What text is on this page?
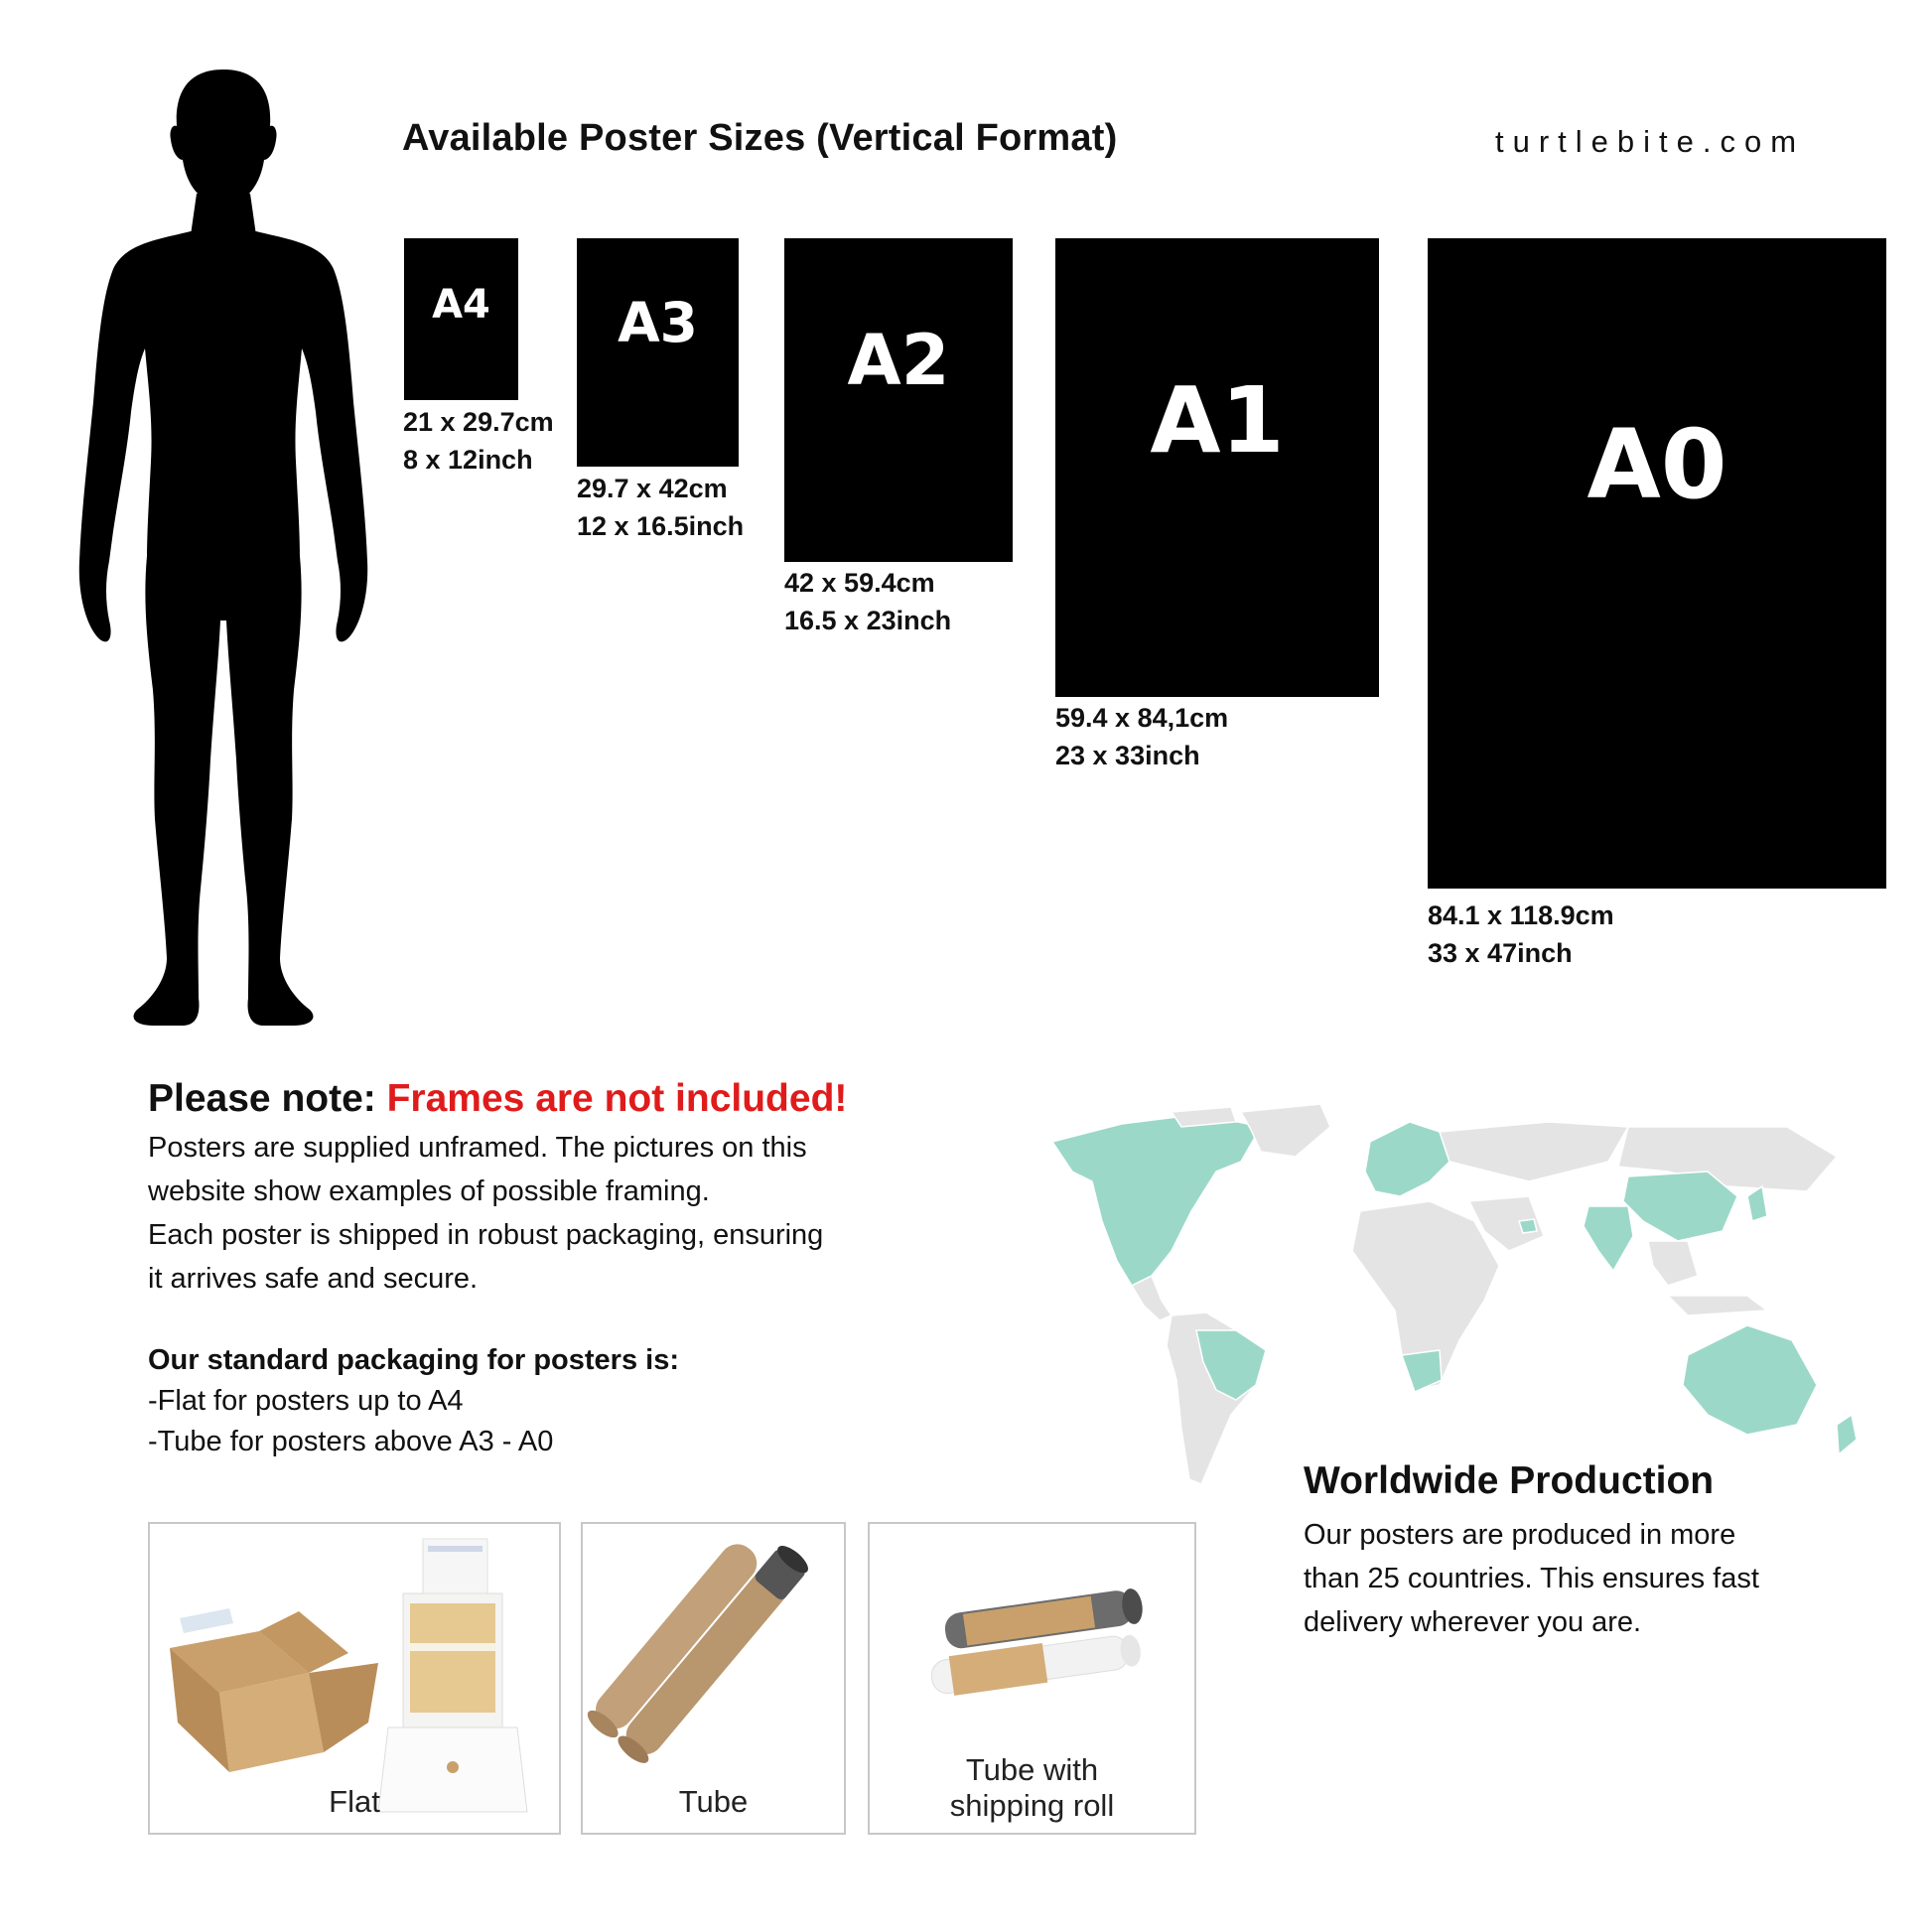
Available Poster Sizes (Vertical Format)	turtlebite.com
A4
21 x 29.7cm
8 x 12inch
A3
29.7 x 42cm
12 x 16.5inch
A2
42 x 59.4cm
16.5 x 23inch
A1
59.4 x 84,1cm
23 x 33inch
A0
84.1 x 118.9cm
33 x 47inch
Please note: Frames are not included!
Posters are supplied unframed. The pictures on this
website show examples of possible framing.
Each poster is shipped in robust packaging, ensuring
it arrives safe and secure.
Our standard packaging for posters is:
-Flat for posters up to A4
-Tube for posters above A3 - A0
Flat	Tube
Tube with
shipping roll
Worldwide Production
Our posters are produced in more
than 25 countries. This ensures fast
delivery wherever you are.
